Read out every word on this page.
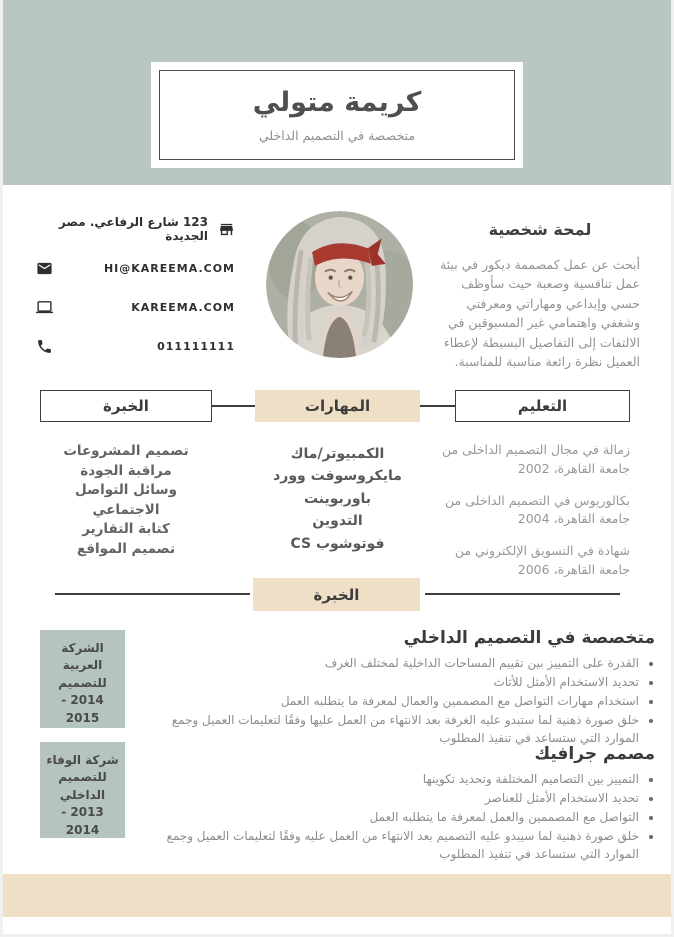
كريمة متولي
متخصصة في التصميم الداخلي
123 شارع الرفاعي. مصر الجديدة
HI@KAREEMA.COM
KAREEMA.COM
011111111
لمحة شخصية
أبحث عن عمل كمصممة ديكور في بيئة عمل تنافسية وصعبة حيث سأوظف حسي وإبداعي ومهاراتي ومعرفتي وشغفي واهتمامي غير المسبوقين في الالتفات إلى التفاصيل البسيطة لإعطاء العميل نظرة رائعة مناسبة للمناسبة.
الخبرة	المهارات	التعليم
تصميم المشروعات
مراقبة الجودة
وسائل التواصل الاجتماعي
كتابة التقارير
تصميم المواقع
الكمبيوتر/ماك
مايكروسوفت وورد
باوربوينت
التدوين
فوتوشوب CS
زمالة في مجال التصميم الداخلى من جامعة القاهرة، 2002
بكالوريوس في التصميم الداخلى من جامعة القاهرة، 2004
شهادة في التسويق الإلكتروني من جامعة القاهرة، 2006
الخبرة
الشركة العربية للتصميم
2014 - 2015
متخصصة في التصميم الداخلي
• القدرة على التمييز بين تقييم المساحات الداخلية لمختلف الغرف
• تحديد الاستخدام الأمثل للأثاث
• استخدام مهارات التواصل مع المصممين والعمال لمعرفة ما يتطلبه العمل
• خلق صورة ذهنية لما ستبدو عليه الغرفة بعد الانتهاء من العمل عليها وفقًا لتعليمات العميل وجمع الموارد التي ستساعد في تنفيذ المطلوب
شركة الوفاء للتصميم الداخلي
2013 - 2014
مصمم جرافيك
• التمييز بين التصاميم المختلفة وتحديد تكوينها
• تحديد الاستخدام الأمثل للعناصر
• التواصل مع المصممين والعمل لمعرفة ما يتطلبه العمل
• خلق صورة ذهنية لما سيبدو عليه التصميم بعد الانتهاء من العمل عليه وفقًا لتعليمات العميل وجمع الموارد التي ستساعد في تنفيذ المطلوب
